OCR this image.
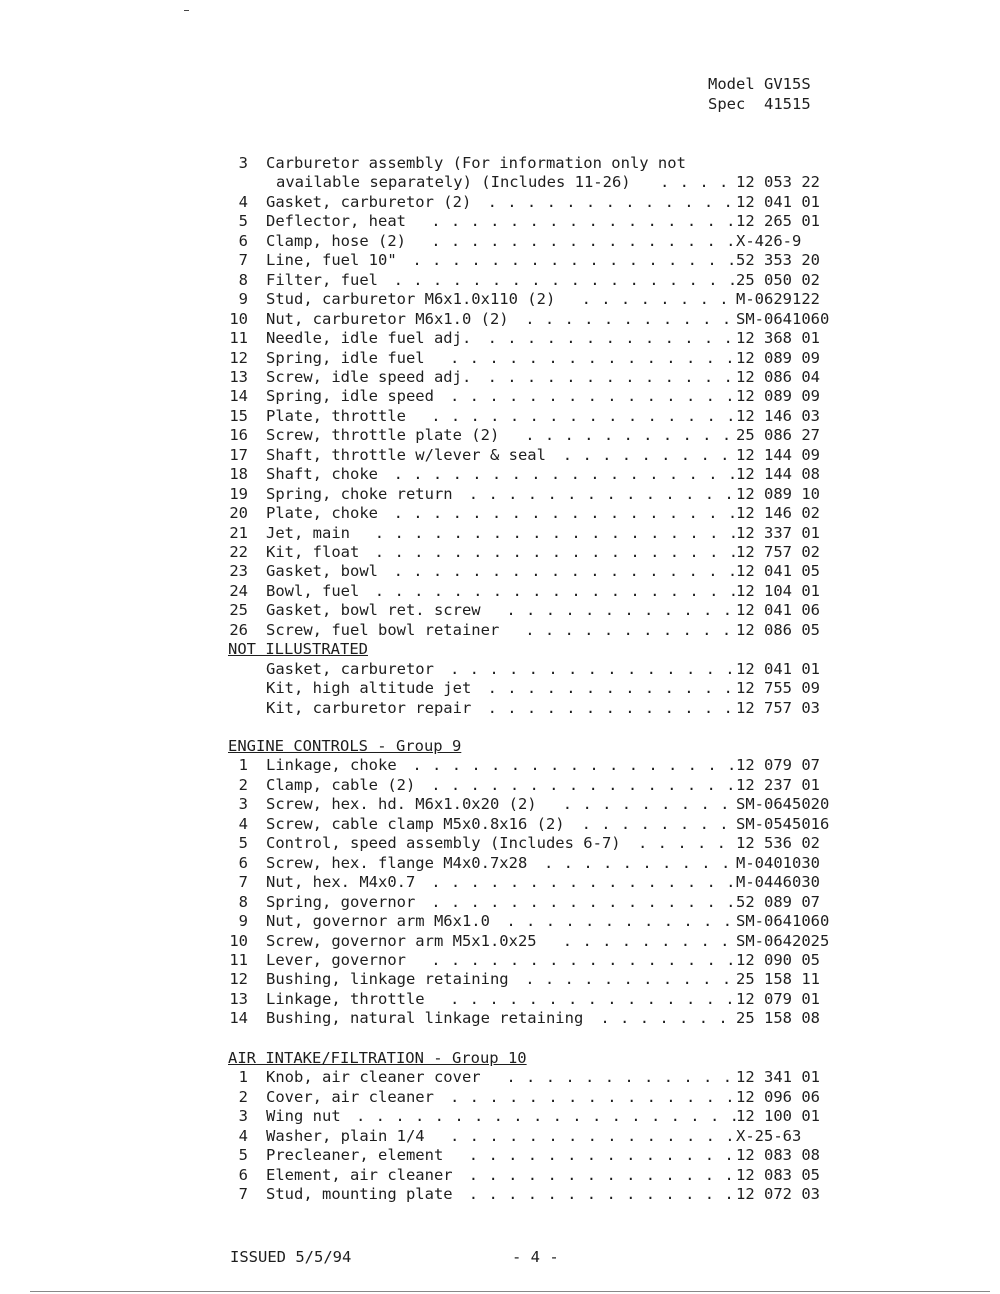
Model GV15S
Spec  41515
3 Carburetor assembly (For information only not
available separately) (Includes 11-26) . . . . 12 053 22
4 Gasket, carburetor (2) . . . . . . . . . . . . . 12 041 01
5 Deflector, heat . . . . . . . . . . . . . . . . 12 265 01
6 Clamp, hose (2) . . . . . . . . . . . . . . . . X-426-9
7 Line, fuel 10" . . . . . . . . . . . . . . . . . 52 353 20
8 Filter, fuel . . . . . . . . . . . . . . . . . .
25 050 02
9 Stud, carburetor M6x1.0x110 (2) . . . . . . . . M-0629122
10 Nut, carburetor M6x1.0 (2) . . . . . . . . . . . SM-0641060
11 Needle, idle fuel adj. . . . . . . . . . . . . . 12 368 01
12 Spring, idle fuel . . . . . . . . . . . . . . . 12 089 09
13 Screw, idle speed adj. . . . . . . . . . . . . . 12 086 04
14 Spring, idle speed . . . . . . . . . . . . . . . 12 089 09
15 Plate, throttle . . . . . . . . . . . . . . . . 12 146 03
16 Screw, throttle plate (2) . . . . . . . . . . . 25 086 27
17 Shaft, throttle w/lever & seal . . . . . . . . . 12 144 09
18 Shaft, choke . . . . . . . . . . . . . . . . . .
12 144 08
19 Spring, choke return . . . . . . . . . . . . . . 12 089 10
20 Plate, choke . . . . . . . . . . . . . . . . . .
12 146 02
21 Jet, main . . . . . . . . . . . . . . . . . . .
12 337 01
22 Kit, float . . . . . . . . . . . . . . . . . . .
12 757 02
23 Gasket, bowl . . . . . . . . . . . . . . . . . .
12 041 05
24 Bowl, fuel . . . . . . . . . . . . . . . . . . .
12 104 01
25 Gasket, bowl ret. screw . . . . . . . . . . . . 12 041 06
26 Screw, fuel bowl retainer . . . . . . . . . . . 12 086 05
NOT ILLUSTRATED
Gasket, carburetor . . . . . . . . . . . . . . . 12 041 01
Kit, high altitude jet . . . . . . . . . . . . . 12 755 09
Kit, carburetor repair . . . . . . . . . . . . . 12 757 03
ENGINE CONTROLS - Group 9
1 Linkage, choke . . . . . . . . . . . . . . . . . 12 079 07
2 Clamp, cable (2) . . . . . . . . . . . . . . . . 12 237 01
3 Screw, hex. hd. M6x1.0x20 (2) . . . . . . . . . SM-0645020
4 Screw, cable clamp M5x0.8x16 (2) . . . . . . . . SM-0545016
5 Control, speed assembly (Includes 6-7) . . . . . 12 536 02
6 Screw, hex. flange M4x0.7x28 . . . . . . . . . . M-0401030
7 Nut, hex. M4x0.7 . . . . . . . . . . . . . . . . M-0446030
8 Spring, governor . . . . . . . . . . . . . . . . 52 089 07
9 Nut, governor arm M6x1.0 . . . . . . . . . . . . SM-0641060
10 Screw, governor arm M5x1.0x25 . . . . . . . . . SM-0642025
11 Lever, governor . . . . . . . . . . . . . . . . 12 090 05
12 Bushing, linkage retaining . . . . . . . . . . . 25 158 11
13 Linkage, throttle . . . . . . . . . . . . . . . 12 079 01
14 Bushing, natural linkage retaining . . . . . . . 25 158 08
AIR INTAKE/FILTRATION - Group 10
1 Knob, air cleaner cover . . . . . . . . . . . . 12 341 01
2 Cover, air cleaner . . . . . . . . . . . . . . . 12 096 06
3 Wing nut . . . . . . . . . . . . . . . . . . . .
12 100 01
4 Washer, plain 1/4 . . . . . . . . . . . . . . . X-25-63
5 Precleaner, element . . . . . . . . . . . . . . 12 083 08
6 Element, air cleaner . . . . . . . . . . . . . . 12 083 05
7 Stud, mounting plate . . . . . . . . . . . . . . 12 072 03
ISSUED 5/5/94	- 4 -
